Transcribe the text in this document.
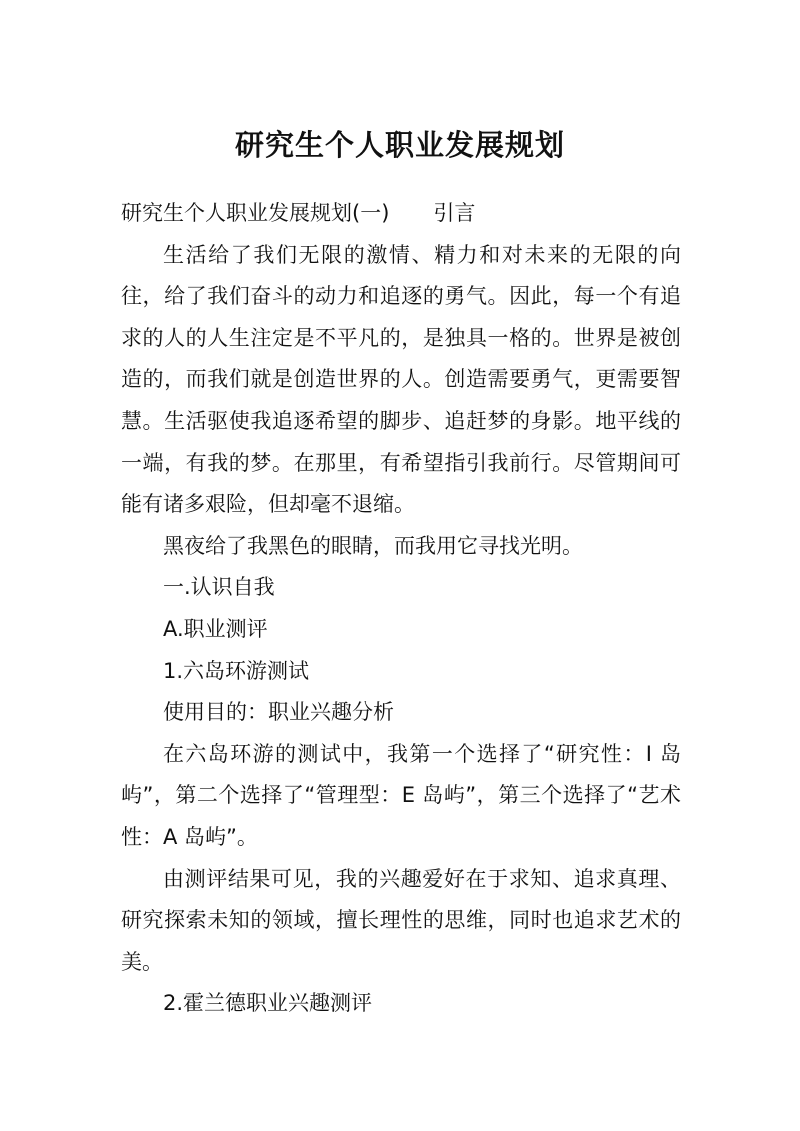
研究生个人职业发展规划

研究生个人职业发展规划(一) 引言

生活给了我们无限的激情、精力和对未来的无限的向往，给了我们奋斗的动力和追逐的勇气。因此，每一个有追求的人的人生注定是不平凡的，是独具一格的。世界是被创造的，而我们就是创造世界的人。创造需要勇气，更需要智慧。生活驱使我追逐希望的脚步、追赶梦的身影。地平线的一端，有我的梦。在那里，有希望指引我前行。尽管期间可能有诸多艰险，但却毫不退缩。

黑夜给了我黑色的眼睛，而我用它寻找光明。

一.认识自我

A.职业测评

1.六岛环游测试

使用目的：职业兴趣分析

在六岛环游的测试中，我第一个选择了“研究性：I 岛屿”，第二个选择了“管理型：E 岛屿”，第三个选择了“艺术性：A 岛屿”。

由测评结果可见，我的兴趣爱好在于求知、追求真理、研究探索未知的领域，擅长理性的思维，同时也追求艺术的美。

2.霍兰德职业兴趣测评
